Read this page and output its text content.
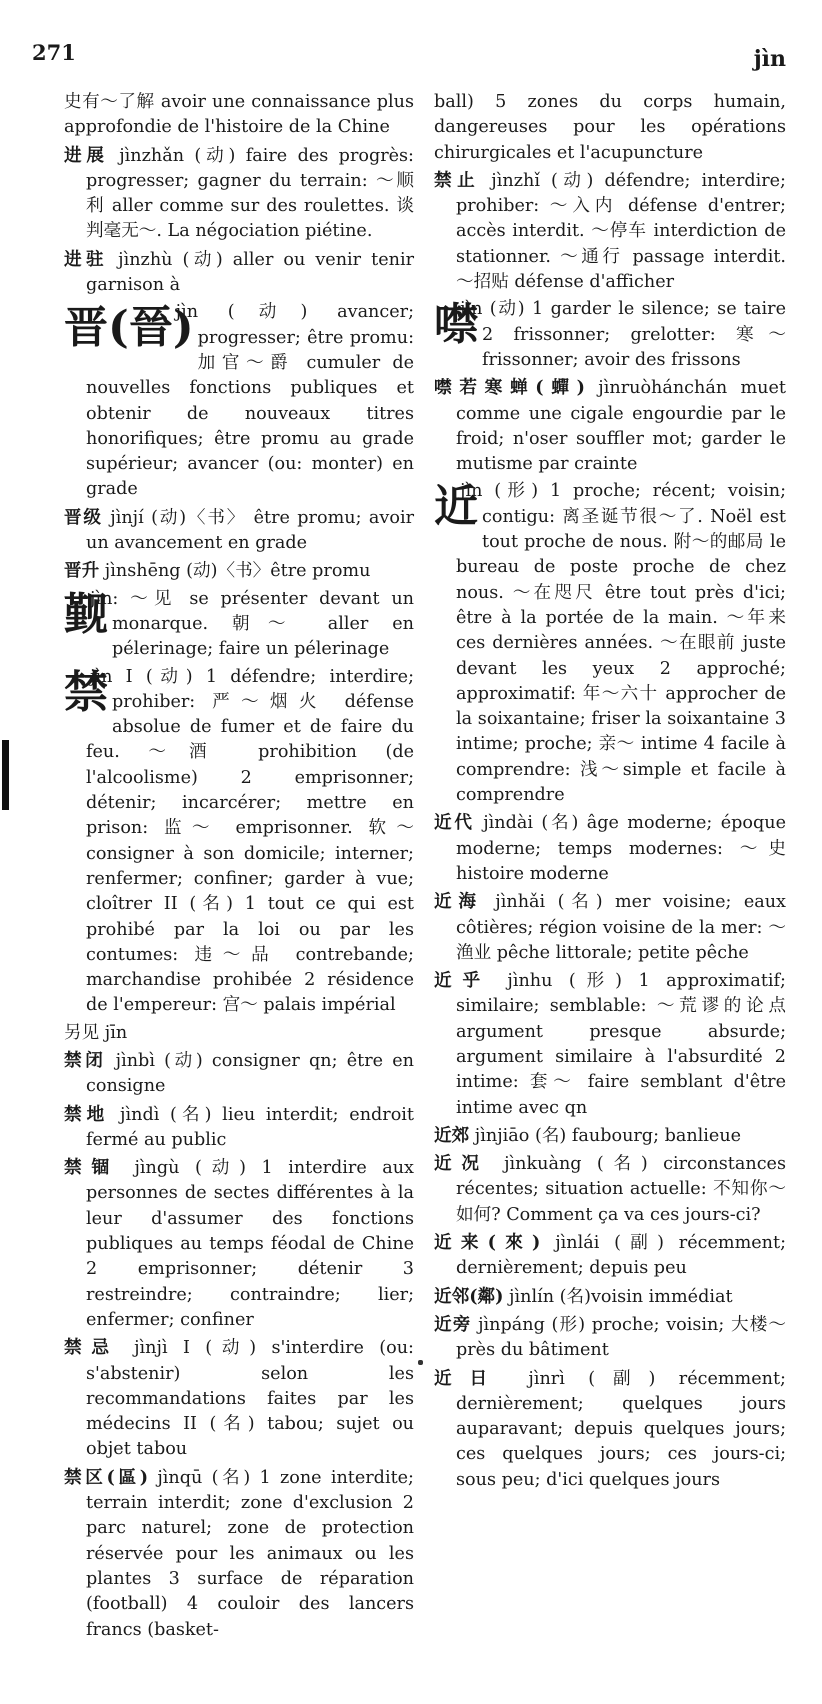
271	jìn
史有～了解 avoir une connaissance plus approfondie de l'histoire de la Chine
进展 jìnzhǎn (动) faire des progrès: progresser; gagner du terrain: ～顺利 aller comme sur des roulettes. 谈判毫无～. La négociation piétine.
进驻 jìnzhù (动) aller ou venir tenir garnison à
晋(晉)
jìn (动) avancer; progresser; être promu: 加官～爵 cumuler de nouvelles fonctions publiques et obtenir de nouveaux titres honorifiques; être promu au grade supérieur; avancer (ou: monter) en grade
晋级 jìnjí (动)〈书〉 être promu; avoir un avancement en grade
晋升 jìnshēng (动)〈书〉être promu
觐
jìn: ～见 se présenter devant un monarque. 朝～ aller en pélerinage; faire un pélerinage
禁
jìn I (动) 1 défendre; interdire; prohiber: 严～烟火 défense absolue de fumer et de faire du feu. ～酒 prohibition (de l'alcoolisme) 2 emprisonner; détenir; incarcérer; mettre en prison: 监～ emprisonner. 软～ consigner à son domicile; interner; renfermer; confiner; garder à vue; cloîtrer II (名) 1 tout ce qui est prohibé par la loi ou par les contumes: 违～品 contrebande; marchandise prohibée 2 résidence de l'empereur: 宫～ palais impérial
另见 jīn
禁闭 jìnbì (动) consigner qn; être en consigne
禁地 jìndì (名) lieu interdit; endroit fermé au public
禁锢 jìngù (动) 1 interdire aux personnes de sectes différentes à la leur d'assumer des fonctions publiques au temps féodal de Chine 2 emprisonner; détenir 3 restreindre; contraindre; lier; enfermer; confiner
禁忌 jìnjì I (动) s'interdire (ou: s'abstenir) selon les recommandations faites par les médecins II (名) tabou; sujet ou objet tabou
禁区(區) jìnqū (名) 1 zone interdite; terrain interdit; zone d'exclusion 2 parc naturel; zone de protection réservée pour les animaux ou les plantes 3 surface de réparation (football) 4 couloir des lancers francs (basket-
ball) 5 zones du corps humain, dangereuses pour les opérations chirurgicales et l'acupuncture
禁止 jìnzhǐ (动) défendre; interdire; prohiber: ～入内 défense d'entrer; accès interdit. ～停车 interdiction de stationner. ～通行 passage interdit. ～招贴 défense d'afficher
噤
jìn (动) 1 garder le silence; se taire 2 frissonner; grelotter: 寒～ frissonner; avoir des frissons
噤若寒蝉(蟬) jìnruòhánchán muet comme une cigale engourdie par le froid; n'oser souffler mot; garder le mutisme par crainte
近
jìn (形) 1 proche; récent; voisin; contigu: 离圣诞节很～了. Noël est tout proche de nous. 附～的邮局 le bureau de poste proche de chez nous. ～在咫尺 être tout près d'ici; être à la portée de la main. ～年来 ces dernières années. ～在眼前 juste devant les yeux 2 approché; approximatif: 年～六十 approcher de la soixantaine; friser la soixantaine 3 intime; proche; 亲～ intime 4 facile à comprendre: 浅～simple et facile à comprendre
近代 jìndài (名) âge moderne; époque moderne; temps modernes: ～史 histoire moderne
近海 jìnhǎi (名) mer voisine; eaux côtières; région voisine de la mer: ～渔业 pêche littorale; petite pêche
近乎 jìnhu (形) 1 approximatif; similaire; semblable: ～荒谬的论点 argument presque absurde; argument similaire à l'absurdité 2 intime: 套～ faire semblant d'être intime avec qn
近郊 jìnjiāo (名) faubourg; banlieue
近况 jìnkuàng (名) circonstances récentes; situation actuelle: 不知你～如何? Comment ça va ces jours-ci?
近来(來) jìnlái (副) récemment; dernièrement; depuis peu
近邻(鄰) jìnlín (名)voisin immédiat
近旁 jìnpáng (形) proche; voisin; 大楼～ près du bâtiment
近日 jìnrì (副) récemment; dernièrement; quelques jours auparavant; depuis quelques jours; ces quelques jours; ces jours-ci; sous peu; d'ici quelques jours
